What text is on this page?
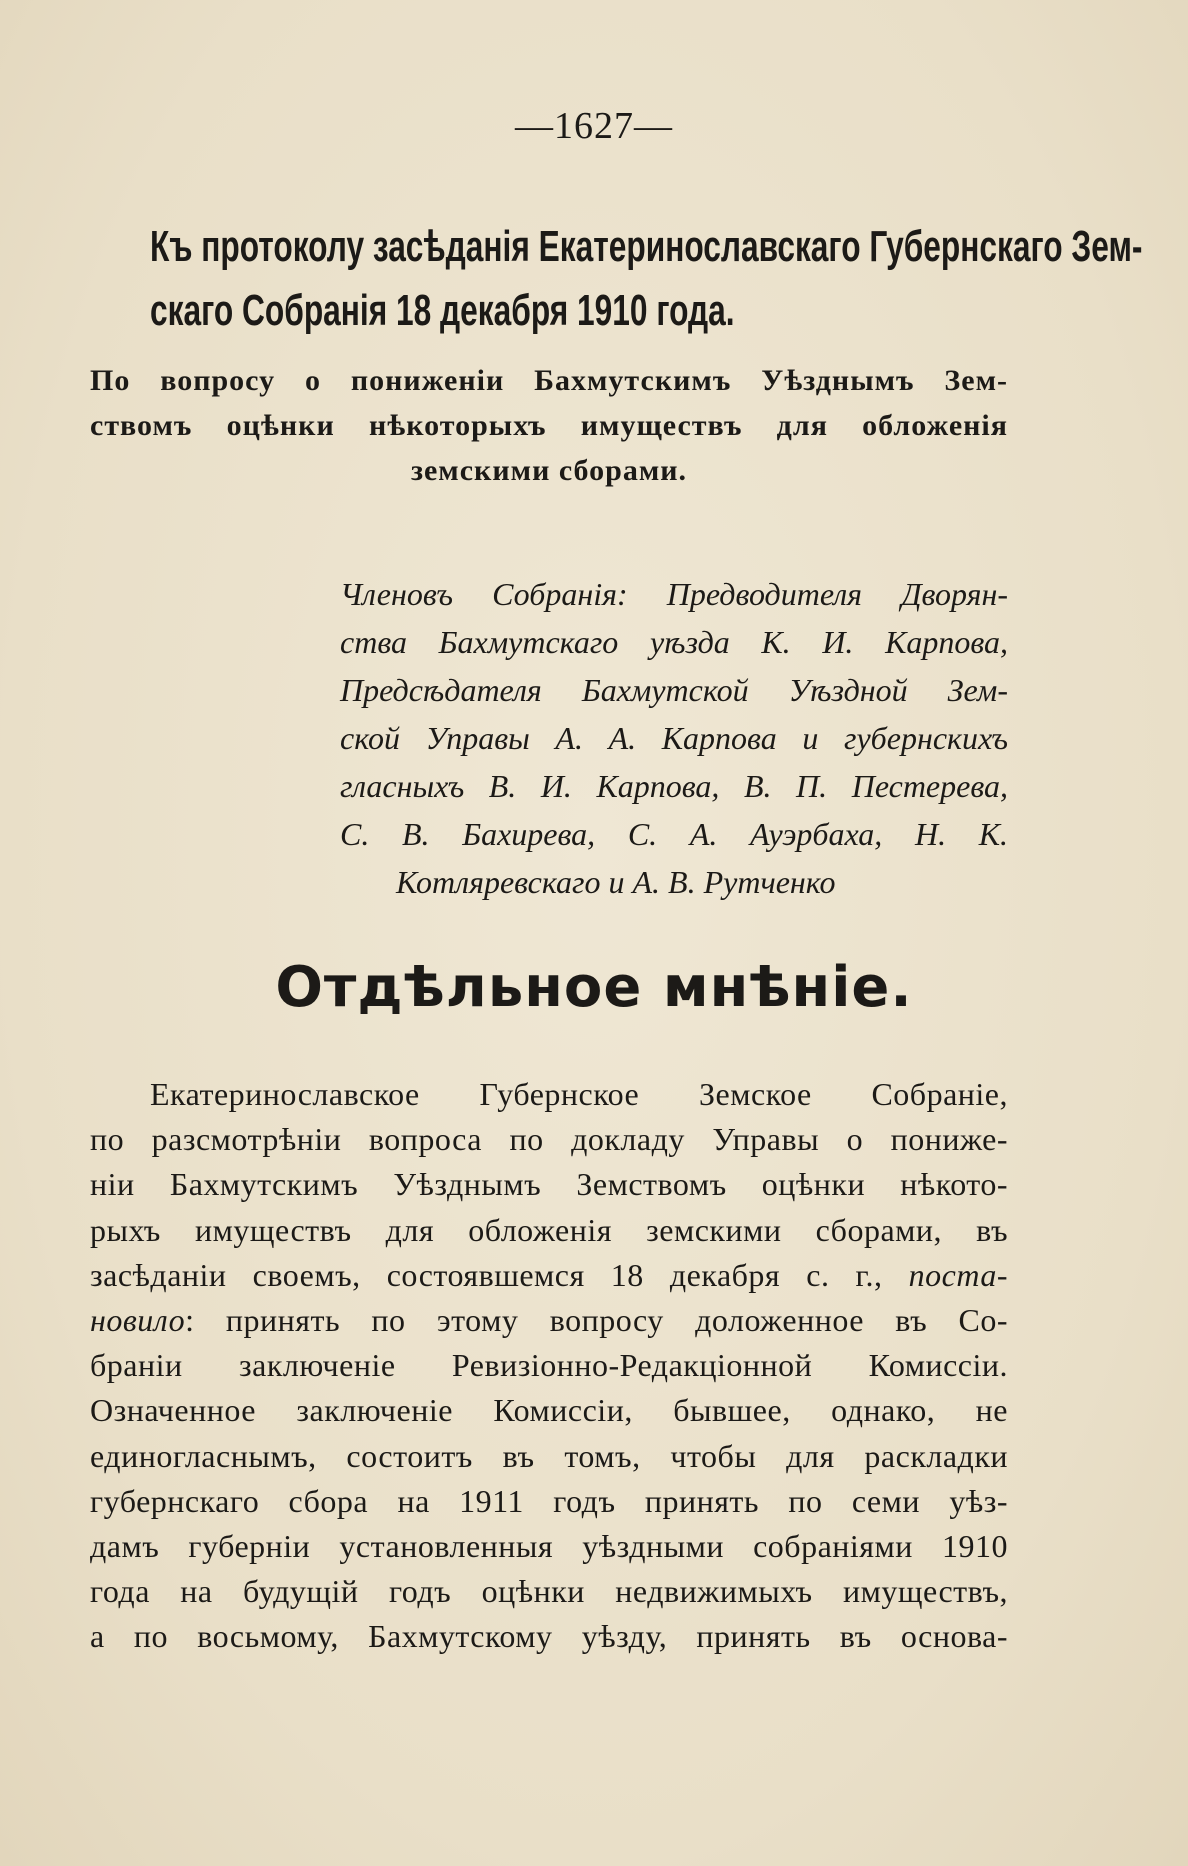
—1627—
Къ протоколу засѣданія Екатеринославскаго Губернскаго Зем-
скаго Собранія 18 декабря 1910 года.
По вопросу о пониженіи Бахмутскимъ Уѣзднымъ Зем-
ствомъ оцѣнки нѣкоторыхъ имуществъ для обложенія
земскими сборами.
Членовъ Собранія: Предводителя Дворян-
ства Бахмутскаго уѣзда К. И. Карпова,
Предсѣдателя Бахмутской Уѣздной Зем-
ской Управы А. А. Карпова и губернскихъ
гласныхъ В. И. Карпова, В. П. Пестерева,
С. В. Бахирева, С. А. Ауэрбаха, Н. К.
Котляревскаго и А. В. Рутченко
Отдѣльное мнѣніе.
Екатеринославское Губернское Земское Собраніе,
по разсмотрѣніи вопроса по докладу Управы о пониже-
ніи Бахмутскимъ Уѣзднымъ Земствомъ оцѣнки нѣкото-
рыхъ имуществъ для обложенія земскими сборами, въ
засѣданіи своемъ, состоявшемся 18 декабря с. г., поста-
новило: принять по этому вопросу доложенное въ Со-
браніи заключеніе Ревизіонно-Редакціонной Комиссіи.
Означенное заключеніе Комиссіи, бывшее, однако, не
единогласнымъ, состоитъ въ томъ, чтобы для раскладки
губернскаго сбора на 1911 годъ принять по семи уѣз-
дамъ губерніи установленныя уѣздными собраніями 1910
года на будущій годъ оцѣнки недвижимыхъ имуществъ,
а по восьмому, Бахмутскому уѣзду, принять въ основа-
